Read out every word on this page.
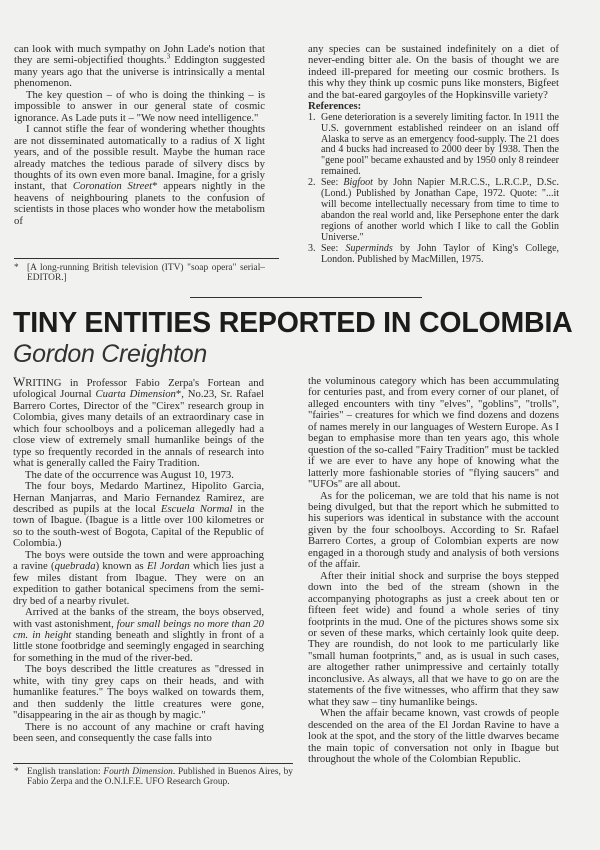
can look with much sympathy on John Lade's notion that they are semi-objectified thoughts.$^3$ Eddington suggested many years ago that the universe is intrinsically a mental phenomenon.

The key question – of who is doing the thinking – is impossible to answer in our general state of cosmic ignorance. As Lade puts it – "We now need intelligence."

I cannot stifle the fear of wondering whether thoughts are not disseminated automatically to a radius of X light years, and of the possible result. Maybe the human race already matches the tedious parade of silvery discs by thoughts of its own even more banal. Imagine, for a grisly instant, that Coronation Street* appears nightly in the heavens of neighbouring planets to the confusion of scientists in those places who wonder how the metabolism of

* [A long-running British television (ITV) "soap opera" serial–EDITOR.]

any species can be sustained indefinitely on a diet of never-ending bitter ale. On the basis of thought we are indeed ill-prepared for meeting our cosmic brothers. Is this why they think up cosmic puns like monsters, Bigfeet and the bat-eared gargoyles of the Hopkinsville variety?

References:

1. Gene deterioration is a severely limiting factor. In 1911 the U.S. government established reindeer on an island off Alaska to serve as an emergency food-supply. The 21 does and 4 bucks had increased to 2000 deer by 1938. Then the "gene pool" became exhausted and by 1950 only 8 reindeer remained.
2. See: Bigfoot by John Napier M.R.C.S., L.R.C.P., D.Sc. (Lond.) Published by Jonathan Cape, 1972. Quote: "...it will become intellectually necessary from time to time to abandon the real world and, like Persephone enter the dark regions of another world which I like to call the Goblin Universe."
3. See: Superminds by John Taylor of King's College, London. Published by MacMillen, 1975.
TINY ENTITIES REPORTED IN COLOMBIA
Gordon Creighton

WRITING in Professor Fabio Zerpa's Fortean and ufological Journal Cuarta Dimension*, No.23, Sr. Rafael Barrero Cortes, Director of the "Cirex" research group in Colombia, gives many details of an extraordinary case in which four schoolboys and a policeman allegedly had a close view of extremely small humanlike beings of the type so frequently recorded in the annals of research into what is generally called the Fairy Tradition.

The date of the occurrence was August 10, 1973.

The four boys, Medardo Martinez, Hipolito Garcia, Hernan Manjarras, and Mario Fernandez Ramirez, are described as pupils at the local Escuela Normal in the town of Ibague. (Ibague is a little over 100 kilometres or so to the south-west of Bogota, Capital of the Republic of Colombia.)

The boys were outside the town and were approaching a ravine (quebrada) known as El Jordan which lies just a few miles distant from Ibague. They were on an expedition to gather botanical specimens from the semi-dry bed of a nearby rivulet.

Arrived at the banks of the stream, the boys observed, with vast astonishment, four small beings no more than 20 cm. in height standing beneath and slightly in front of a little stone footbridge and seemingly engaged in searching for something in the mud of the river-bed.

The boys described the little creatures as "dressed in white, with tiny grey caps on their heads, and with humanlike features." The boys walked on towards them, and then suddenly the little creatures were gone, "disappearing in the air as though by magic."

There is no account of any machine or craft having been seen, and consequently the case falls into

* English translation: Fourth Dimension. Published in Buenos Aires, by Fabio Zerpa and the O.N.I.F.E. UFO Research Group.

the voluminous category which has been accummulating for centuries past, and from every corner of our planet, of alleged encounters with tiny "elves", "goblins", "trolls", "fairies" – creatures for which we find dozens and dozens of names merely in our languages of Western Europe. As I began to emphasise more than ten years ago, this whole question of the so-called "Fairy Tradition" must be tackled if we are ever to have any hope of knowing what the latterly more fashionable stories of "flying saucers" and "UFOs" are all about.

As for the policeman, we are told that his name is not being divulged, but that the report which he submitted to his superiors was identical in substance with the account given by the four schoolboys. According to Sr. Rafael Barrero Cortes, a group of Colombian experts are now engaged in a thorough study and analysis of both versions of the affair.

After their initial shock and surprise the boys stepped down into the bed of the stream (shown in the accompanying photographs as just a creek about ten or fifteen feet wide) and found a whole series of tiny footprints in the mud. One of the pictures shows some six or seven of these marks, which certainly look quite deep. They are roundish, do not look to me particularly like "small human footprints," and, as is usual in such cases, are altogether rather unimpressive and certainly totally inconclusive. As always, all that we have to go on are the statements of the five witnesses, who affirm that they saw what they saw – tiny humanlike beings.

When the affair became known, vast crowds of people descended on the area of the El Jordan Ravine to have a look at the spot, and the story of the little dwarves became the main topic of conversation not only in Ibague but throughout the whole of the Colombian Republic.
